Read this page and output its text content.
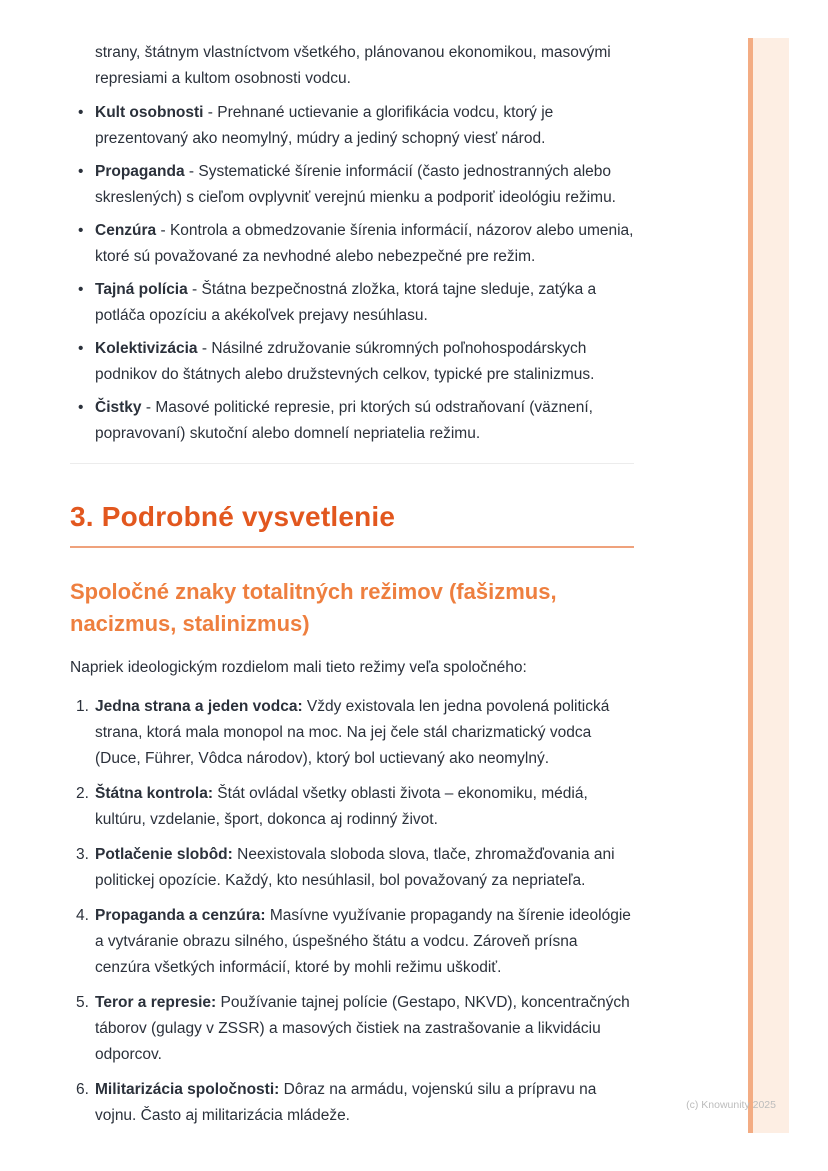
strany, štátnym vlastníctvom všetkého, plánovanou ekonomikou, masovými represiami a kultom osobnosti vodcu.

• Kult osobnosti - Prehnané uctievanie a glorifikácia vodcu, ktorý je prezentovaný ako neomylný, múdry a jediný schopný viesť národ.
• Propaganda - Systematické šírenie informácií (často jednostranných alebo skreslených) s cieľom ovplyvniť verejnú mienku a podporiť ideológiu režimu.
• Cenzúra - Kontrola a obmedzovanie šírenia informácií, názorov alebo umenia, ktoré sú považované za nevhodné alebo nebezpečné pre režim.
• Tajná polícia - Štátna bezpečnostná zložka, ktorá tajne sleduje, zatýka a potláča opozíciu a akékoľvek prejavy nesúhlasu.
• Kolektivizácia - Násilné združovanie súkromných poľnohospodárskych podnikov do štátnych alebo družstevných celkov, typické pre stalinizmus.
• Čistky - Masové politické represie, pri ktorých sú odstraňovaní (väznení, popravovaní) skutoční alebo domnelí nepriatelia režimu.
3. Podrobné vysvetlenie
Spoločné znaky totalitných režimov (fašizmus, nacizmus, stalinizmus)

Napriek ideologickým rozdielom mali tieto režimy veľa spoločného:

1. Jedna strana a jeden vodca: Vždy existovala len jedna povolená politická strana, ktorá mala monopol na moc. Na jej čele stál charizmatický vodca (Duce, Führer, Vôdca národov), ktorý bol uctievaný ako neomylný.
2. Štátna kontrola: Štát ovládal všetky oblasti života – ekonomiku, médiá, kultúru, vzdelanie, šport, dokonca aj rodinný život.
3. Potlačenie slobôd: Neexistovala sloboda slova, tlače, zhromažďovania ani politickej opozície. Každý, kto nesúhlasil, bol považovaný za nepriateľa.
4. Propaganda a cenzúra: Masívne využívanie propagandy na šírenie ideológie a vytváranie obrazu silného, úspešného štátu a vodcu. Zároveň prísna cenzúra všetkých informácií, ktoré by mohli režimu uškodiť.
5. Teror a represie: Používanie tajnej polície (Gestapo, NKVD), koncentračných táborov (gulagy v ZSSR) a masových čistiek na zastrašovanie a likvidáciu odporcov.
6. Militarizácia spoločnosti: Dôraz na armádu, vojenskú silu a prípravu na vojnu. Často aj militarizácia mládeže.
(c) Knowunity 2025
